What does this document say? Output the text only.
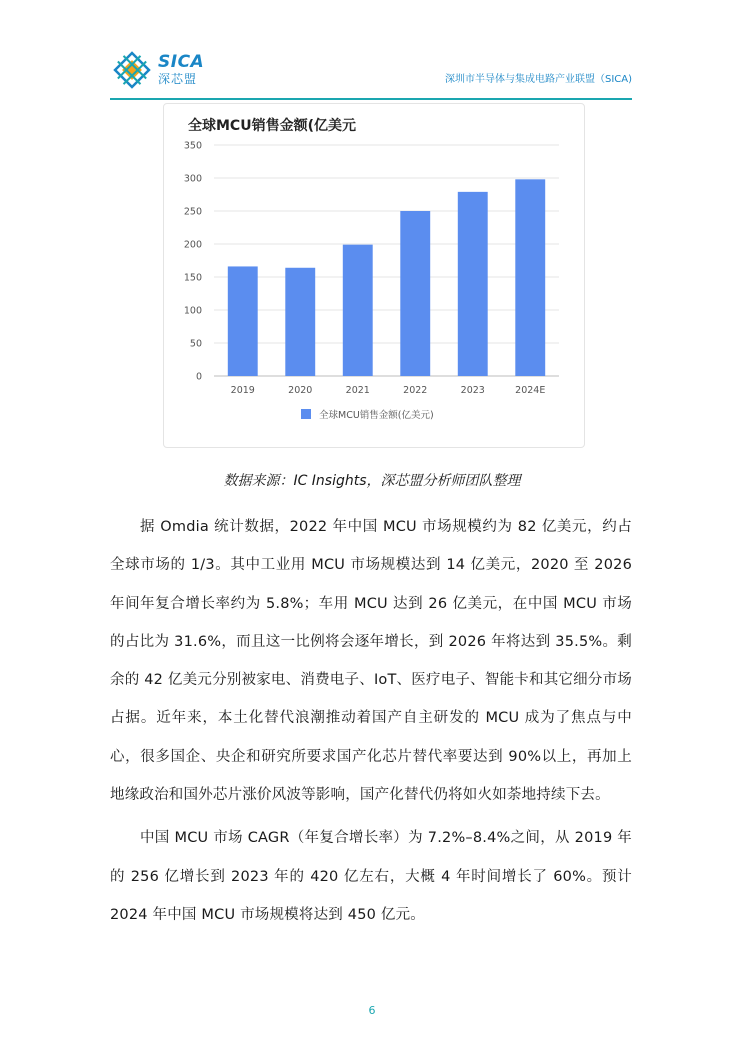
SICA
深芯盟	深圳市半导体与集成电路产业联盟（SICA)
全球MCU销售金额(亿美元
0
50
100
150
200
250
300
350
2019	2020	2021	2022	2023	2024E
全球MCU销售金额(亿美元)
数据来源：IC Insights，深芯盟分析师团队整理

据 Omdia 统计数据，2022 年中国 MCU 市场规模约为 82 亿美元，约占全球市场的 1/3。其中工业用 MCU 市场规模达到 14 亿美元，2020 至 2026 年间年复合增长率约为 5.8%；车用 MCU 达到 26 亿美元，在中国 MCU 市场的占比为 31.6%，而且这一比例将会逐年增长，到 2026 年将达到 35.5%。剩余的 42 亿美元分别被家电、消费电子、IoT、医疗电子、智能卡和其它细分市场占据。近年来，本土化替代浪潮推动着国产自主研发的 MCU 成为了焦点与中心，很多国企、央企和研究所要求国产化芯片替代率要达到 90%以上，再加上地缘政治和国外芯片涨价风波等影响，国产化替代仍将如火如荼地持续下去。

中国 MCU 市场 CAGR（年复合增长率）为 7.2%–8.4%之间，从 2019 年的 256 亿增长到 2023 年的 420 亿左右，大概 4 年时间增长了 60%。预计 2024 年中国 MCU 市场规模将达到 450 亿元。

6
